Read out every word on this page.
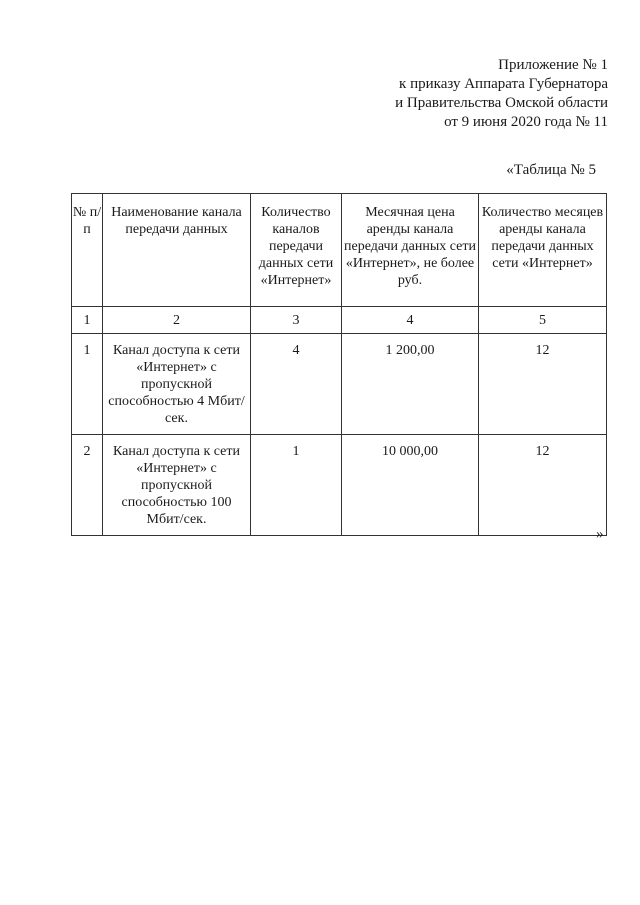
Приложение № 1
к приказу Аппарата Губернатора
и Правительства Омской области
от 9 июня 2020 года № 11
«Таблица № 5
№ п/п	Наименование канала передачи данных	Количество каналов передачи данных сети «Интернет»	Месячная цена аренды канала передачи данных сети «Интернет», не более руб.	Количество месяцев аренды канала передачи данных сети «Интернет»
1	2	3	4	5
1	Канал доступа к сети «Интернет» с пропускной способностью 4 Мбит/сек.	4	1 200,00	12
2	Канал доступа к сети «Интернет» с пропускной способностью 100 Мбит/сек.	1	10 000,00	12
»
